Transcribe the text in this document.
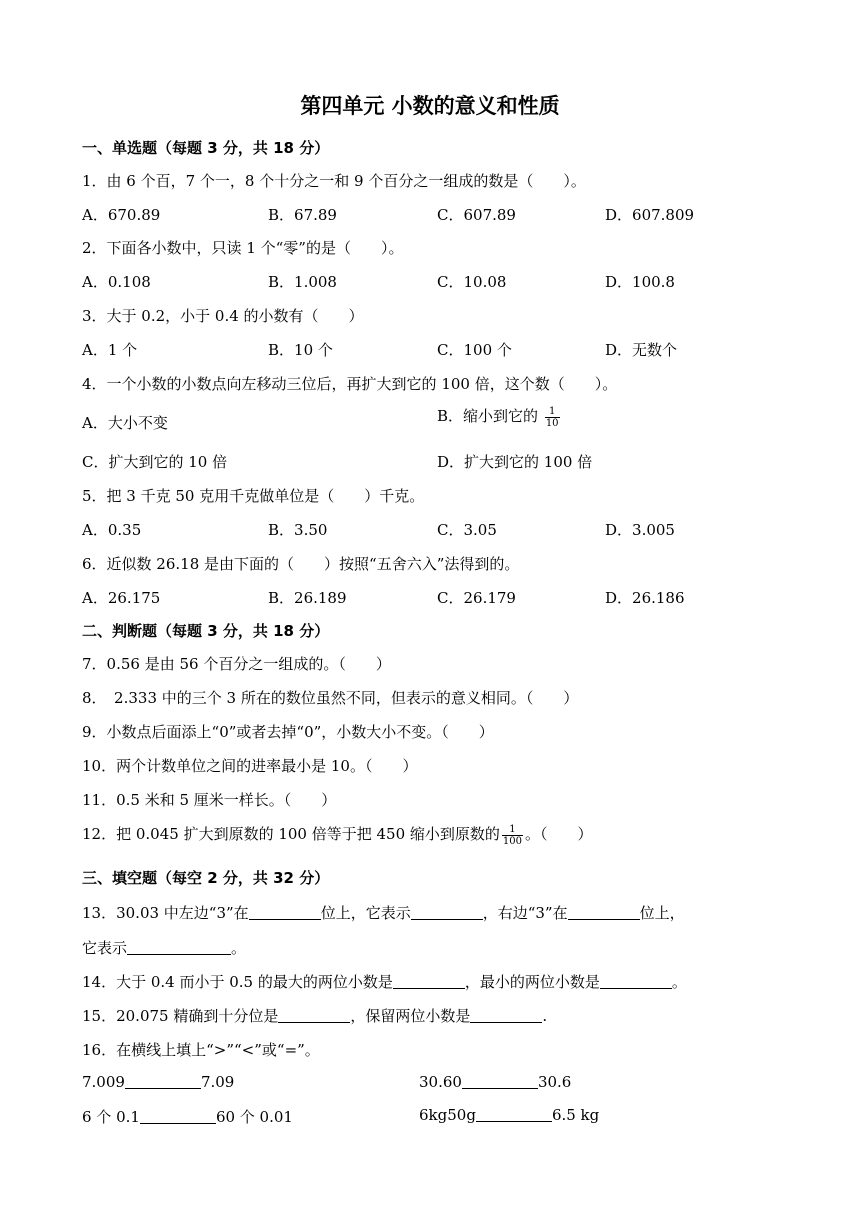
第四单元 小数的意义和性质
一、单选题（每题 3 分，共 18 分）
1．由 6 个百，7 个一，8 个十分之一和 9 个百分之一组成的数是（　　）。
A．670.89	B．67.89	C．607.89	D．607.809
2．下面各小数中，只读 1 个“零”的是（　　）。
A．0.108	B．1.008	C．10.08	D．100.8
3．大于 0.2，小于 0.4 的小数有（　　）
A．1 个	B．10 个	C．100 个	D．无数个
4．一个小数的小数点向左移动三位后，再扩大到它的 100 倍，这个数（　　）。
A．大小不变	B．缩小到它的 $\frac{1}{10}$
C．扩大到它的 10 倍	D．扩大到它的 100 倍
5．把 3 千克 50 克用千克做单位是（　　）千克。
A．0.35	B．3.50	C．3.05	D．3.005
6．近似数 26.18 是由下面的（　　）按照“五舍六入”法得到的。
A．26.175	B．26.189	C．26.179	D．26.186
二、判断题（每题 3 分，共 18 分）
7．0.56 是由 56 个百分之一组成的。（　　）
8．　2.333 中的三个 3 所在的数位虽然不同，但表示的意义相同。（　　）
9．小数点后面添上“0”或者去掉“0”，小数大小不变。（　　）
10．两个计数单位之间的进率最小是 10。（　　）
11．0.5 米和 5 厘米一样长。（　　）
12．把 0.045 扩大到原数的 100 倍等于把 450 缩小到原数的 $\frac{1}{100}$ 。（　　）
三、填空题（每空 2 分，共 32 分）
13．30.03 中左边“3”在	位上，它表示	，右边“3”在	位上，
它表示	。
14．大于 0.4 而小于 0.5 的最大的两位小数是	，最小的两位小数是	。
15．20.075 精确到十分位是	，保留两位小数是	.
16．在横线上填上“>”“<”或“=”。
7.009	7.09	30.60	30.6
6 个 0.1	60 个 0.01	6kg50g	6.5 kg
